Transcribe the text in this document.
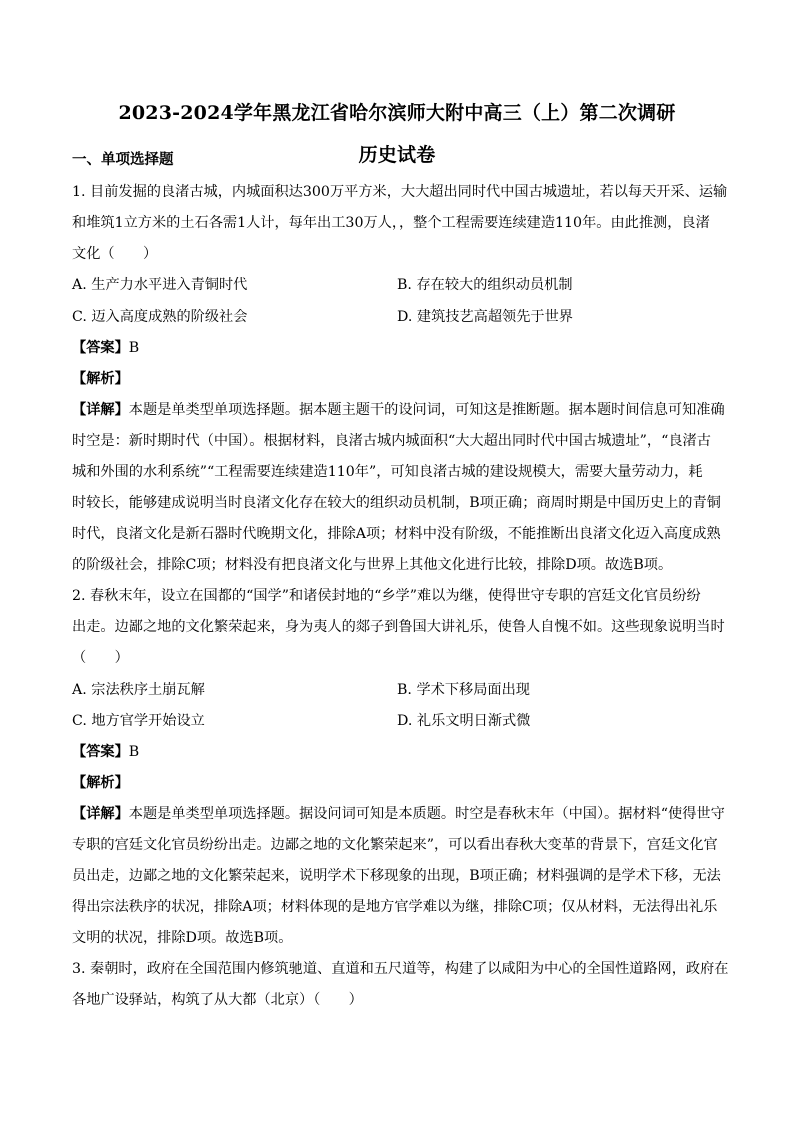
2023-2024学年黑龙江省哈尔滨师大附中高三（上）第二次调研
历史试卷
一、单项选择题
1. 目前发掘的良渚古城，内城面积达300万平方米，大大超出同时代中国古城遗址，若以每天开采、运输
和堆筑1立方米的土石各需1人计，每年出工30万人，，整个工程需要连续建造110年。由此推测，良渚
文化（　　）
A. 生产力水平进入青铜时代	B. 存在较大的组织动员机制
C. 迈入高度成熟的阶级社会	D. 建筑技艺高超领先于世界
【答案】B
【解析】
【详解】本题是单类型单项选择题。据本题主题干的设问词，可知这是推断题。据本题时间信息可知准确
时空是：新时期时代（中国）。根据材料，良渚古城内城面积“大大超出同时代中国古城遗址”，“良渚古
城和外围的水利系统”“工程需要连续建造110年”，可知良渚古城的建设规模大，需要大量劳动力，耗
时较长，能够建成说明当时良渚文化存在较大的组织动员机制，B项正确；商周时期是中国历史上的青铜
时代，良渚文化是新石器时代晚期文化，排除A项；材料中没有阶级，不能推断出良渚文化迈入高度成熟
的阶级社会，排除C项；材料没有把良渚文化与世界上其他文化进行比较，排除D项。故选B项。
2. 春秋末年，设立在国都的“国学”和诸侯封地的“乡学”难以为继，使得世守专职的宫廷文化官员纷纷
出走。边鄙之地的文化繁荣起来，身为夷人的郯子到鲁国大讲礼乐，使鲁人自愧不如。这些现象说明当时
（　　）
A. 宗法秩序土崩瓦解	B. 学术下移局面出现
C. 地方官学开始设立	D. 礼乐文明日渐式微
【答案】B
【解析】
【详解】本题是单类型单项选择题。据设问词可知是本质题。时空是春秋末年（中国）。据材料“使得世守
专职的宫廷文化官员纷纷出走。边鄙之地的文化繁荣起来”，可以看出春秋大变革的背景下，宫廷文化官
员出走，边鄙之地的文化繁荣起来，说明学术下移现象的出现，B项正确；材料强调的是学术下移，无法
得出宗法秩序的状况，排除A项；材料体现的是地方官学难以为继，排除C项；仅从材料，无法得出礼乐
文明的状况，排除D项。故选B项。
3. 秦朝时，政府在全国范围内修筑驰道、直道和五尺道等，构建了以咸阳为中心的全国性道路网，政府在
各地广设驿站，构筑了从大都（北京）（　　）
